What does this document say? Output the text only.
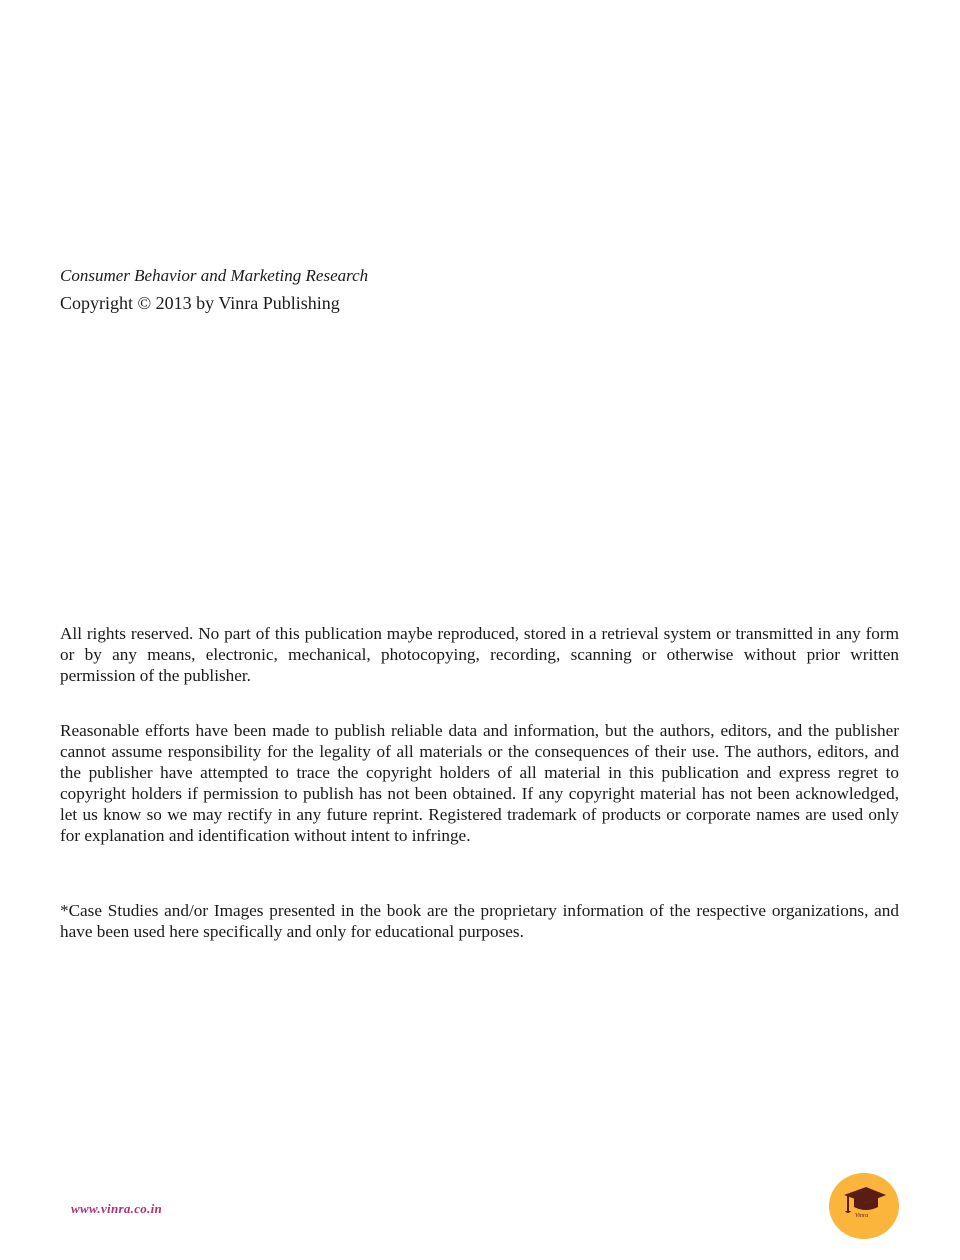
Consumer Behavior and Marketing Research
Copyright © 2013 by Vinra Publishing

All rights reserved. No part of this publication maybe reproduced, stored in a retrieval system or transmitted in any form or by any means, electronic, mechanical, photocopying, recording, scanning or otherwise without prior written permission of the publisher.

Reasonable efforts have been made to publish reliable data and information, but the authors, editors, and the publisher cannot assume responsibility for the legality of all materials or the consequences of their use. The authors, editors, and the publisher have attempted to trace the copyright holders of all material in this publication and express regret to copyright holders if permission to publish has not been obtained. If any copyright material has not been acknowledged, let us know so we may rectify in any future reprint. Registered trademark of products or corporate names are used only for explanation and identification without intent to infringe.

*Case Studies and/or Images presented in the book are the proprietary information of the respective organizations, and have been used here specifically and only for educational purposes.

www.vinra.co.in	Vinra
